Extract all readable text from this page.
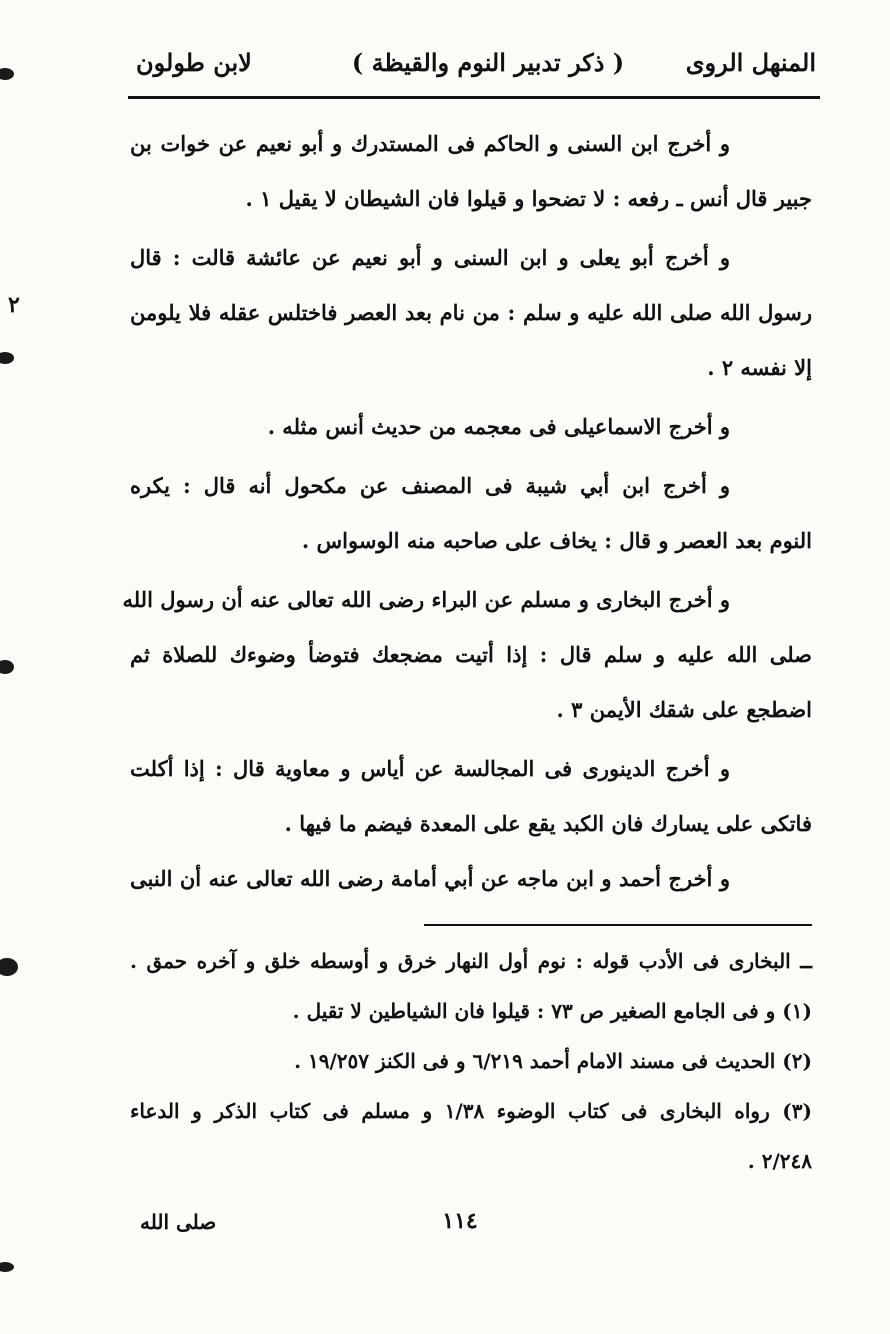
المنهل الروى
( ذكر تدبير النوم والقيظة )
لابن طولون
٢
و أخرج ابن السنى و الحاكم فى المستدرك و أبو نعيم عن خوات بن
جبير قال أنس ـ رفعه : لا تضحوا و قيلوا فان الشيطان لا يقيل ١ .
و أخرج أبو يعلى و ابن السنى و أبو نعيم عن عائشة قالت : قال
رسول الله صلى الله عليه و سلم : من نام بعد العصر فاختلس عقله فلا يلومن
إلا نفسه ٢ .
و أخرج الاسماعيلى فى معجمه من حديث أنس مثله .
و أخرج ابن أبي شيبة فى المصنف عن مكحول أنه قال : يكره
النوم بعد العصر و قال : يخاف على صاحبه منه الوسواس .
و أخرج البخارى و مسلم عن البراء رضى الله تعالى عنه أن رسول الله
صلى الله عليه و سلم قال : إذا أتيت مضجعك فتوضأ وضوءك للصلاة ثم
اضطجع على شقك الأيمن ٣ .
و أخرج الدينورى فى المجالسة عن أياس و معاوية قال : إذا أكلت
فاتكى على يسارك فان الكبد يقع على المعدة فيضم ما فيها .
و أخرج أحمد و ابن ماجه عن أبي أمامة رضى الله تعالى عنه أن النبى
ــ البخارى فى الأدب قوله : نوم أول النهار خرق و أوسطه خلق و آخره حمق .
(١) و فى الجامع الصغير ص ٧٣ : قيلوا فان الشياطين لا تقيل .
(٢) الحديث فى مسند الامام أحمد ٦/٢١٩ و فى الكنز ١٩/٢٥٧ .
(٣) رواه البخارى فى كتاب الوضوء ١/٣٨ و مسلم فى كتاب الذكر و الدعاء
٢/٢٤٨ .
١١٤
صلى الله
